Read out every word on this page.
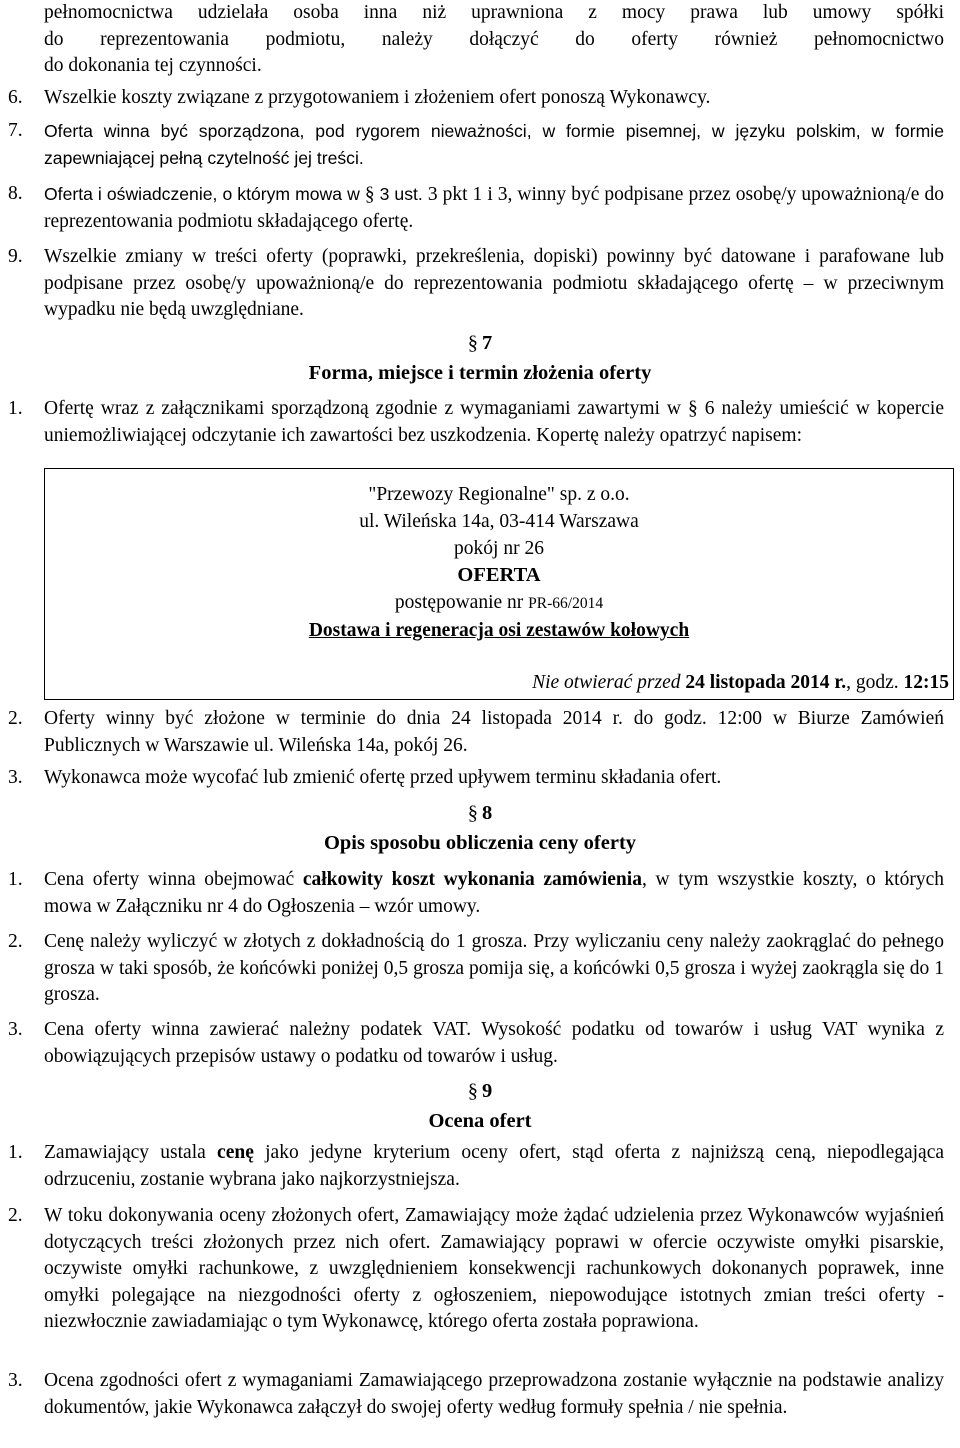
pełnomocnictwa udzielała osoba inna niż uprawniona z mocy prawa lub umowy spółki
do reprezentowania podmiotu, należy dołączyć do oferty również pełnomocnictwo
do dokonania tej czynności.
6. Wszelkie koszty związane z przygotowaniem i złożeniem ofert ponoszą Wykonawcy.
7. Oferta winna być sporządzona, pod rygorem nieważności, w formie pisemnej, w języku polskim, w formie zapewniającej pełną czytelność jej treści.
8. Oferta i oświadczenie, o którym mowa w § 3 ust. 3 pkt 1 i 3, winny być podpisane przez osobę/y upoważnioną/e do reprezentowania podmiotu składającego ofertę.
9. Wszelkie zmiany w treści oferty (poprawki, przekreślenia, dopiski) powinny być datowane i parafowane lub podpisane przez osobę/y upoważnioną/e do reprezentowania podmiotu składającego ofertę – w przeciwnym wypadku nie będą uwzględniane.
§ 7
Forma, miejsce i termin złożenia oferty
1. Ofertę wraz z załącznikami sporządzoną zgodnie z wymaganiami zawartymi w § 6 należy umieścić w kopercie uniemożliwiającej odczytanie ich zawartości bez uszkodzenia. Kopertę należy opatrzyć napisem:
"Przewozy Regionalne" sp. z o.o.
ul. Wileńska 14a, 03-414 Warszawa
pokój nr 26
OFERTA
postępowanie nr PR-66/2014
Dostawa i regeneracja osi zestawów kołowych
Nie otwierać przed 24 listopada 2014 r., godz. 12:15
2. Oferty winny być złożone w terminie do dnia 24 listopada 2014 r. do godz. 12:00 w Biurze Zamówień Publicznych w Warszawie ul. Wileńska 14a, pokój 26.
3. Wykonawca może wycofać lub zmienić ofertę przed upływem terminu składania ofert.
§ 8
Opis sposobu obliczenia ceny oferty
1. Cena oferty winna obejmować całkowity koszt wykonania zamówienia, w tym wszystkie koszty, o których mowa w Załączniku nr 4 do Ogłoszenia – wzór umowy.
2. Cenę należy wyliczyć w złotych z dokładnością do 1 grosza. Przy wyliczaniu ceny należy zaokrąglać do pełnego grosza w taki sposób, że końcówki poniżej 0,5 grosza pomija się, a końcówki 0,5 grosza i wyżej zaokrągla się do 1 grosza.
3. Cena oferty winna zawierać należny podatek VAT. Wysokość podatku od towarów i usług VAT wynika z obowiązujących przepisów ustawy o podatku od towarów i usług.
§ 9
Ocena ofert
1. Zamawiający ustala cenę jako jedyne kryterium oceny ofert, stąd oferta z najniższą ceną, niepodlegająca odrzuceniu, zostanie wybrana jako najkorzystniejsza.
2. W toku dokonywania oceny złożonych ofert, Zamawiający może żądać udzielenia przez Wykonawców wyjaśnień dotyczących treści złożonych przez nich ofert. Zamawiający poprawi w ofercie oczywiste omyłki pisarskie, oczywiste omyłki rachunkowe, z uwzględnieniem konsekwencji rachunkowych dokonanych poprawek, inne omyłki polegające na niezgodności oferty z ogłoszeniem, niepowodujące istotnych zmian treści oferty - niezwłocznie zawiadamiając o tym Wykonawcę, którego oferta została poprawiona.
3. Ocena zgodności ofert z wymaganiami Zamawiającego przeprowadzona zostanie wyłącznie na podstawie analizy dokumentów, jakie Wykonawca załączył do swojej oferty według formuły spełnia / nie spełnia.
